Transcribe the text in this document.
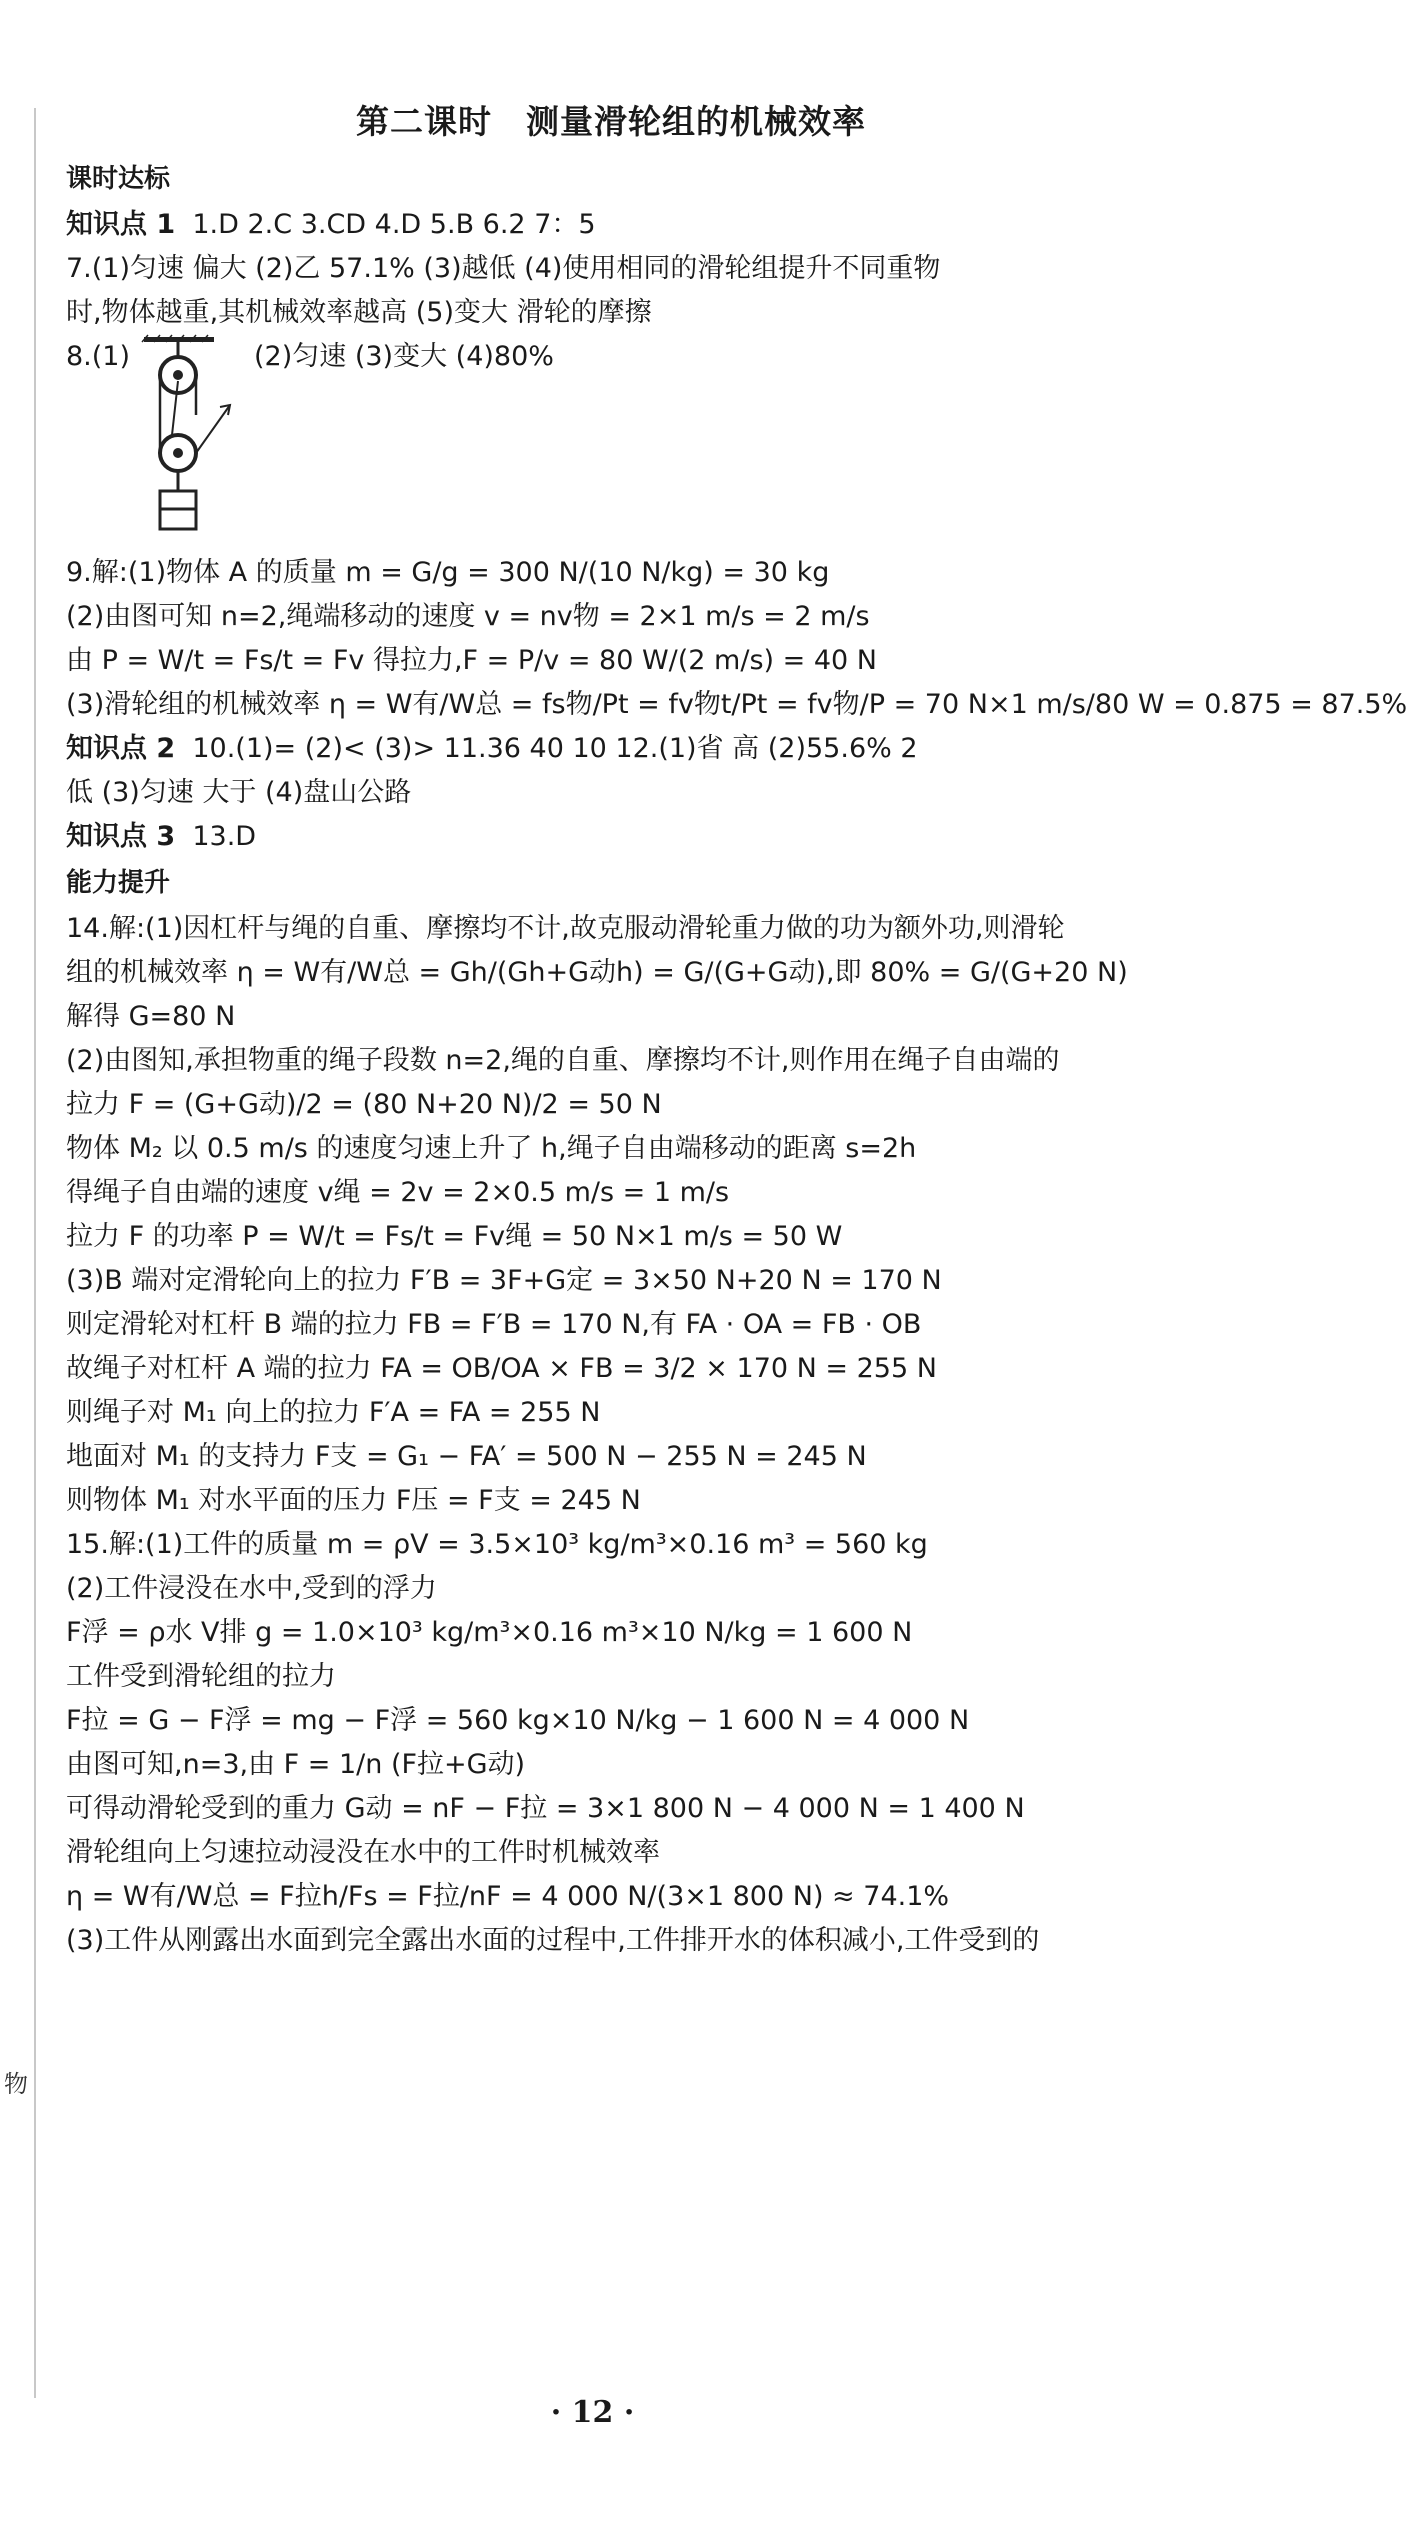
物
第二课时 测量滑轮组的机械效率
课时达标
知识点 1 1.D 2.C 3.CD 4.D 5.B 6.2 7：5
7.(1)匀速 偏大 (2)乙 57.1% (3)越低 (4)使用相同的滑轮组提升不同重物
时,物体越重,其机械效率越高 (5)变大 滑轮的摩擦
8.(1)	(2)匀速 (3)变大 (4)80%
9.解:(1)物体 A 的质量 m = G/g = 300 N/(10 N/kg) = 30 kg
(2)由图可知 n=2,绳端移动的速度 v = nv物 = 2×1 m/s = 2 m/s
由 P = W/t = Fs/t = Fv 得拉力,F = P/v = 80 W/(2 m/s) = 40 N
(3)滑轮组的机械效率 η = W有/W总 = fs物/Pt = fv物t/Pt = fv物/P = 70 N×1 m/s/80 W = 0.875 = 87.5%
知识点 2 10.(1)= (2)< (3)> 11.36 40 10 12.(1)省 高 (2)55.6% 2
低 (3)匀速 大于 (4)盘山公路
知识点 3 13.D
能力提升
14.解:(1)因杠杆与绳的自重、摩擦均不计,故克服动滑轮重力做的功为额外功,则滑轮
组的机械效率 η = W有/W总 = Gh/(Gh+G动h) = G/(G+G动),即 80% = G/(G+20 N)
解得 G=80 N
(2)由图知,承担物重的绳子段数 n=2,绳的自重、摩擦均不计,则作用在绳子自由端的
拉力 F = (G+G动)/2 = (80 N+20 N)/2 = 50 N
物体 M₂ 以 0.5 m/s 的速度匀速上升了 h,绳子自由端移动的距离 s=2h
得绳子自由端的速度 v绳 = 2v = 2×0.5 m/s = 1 m/s
拉力 F 的功率 P = W/t = Fs/t = Fv绳 = 50 N×1 m/s = 50 W
(3)B 端对定滑轮向上的拉力 F′B = 3F+G定 = 3×50 N+20 N = 170 N
则定滑轮对杠杆 B 端的拉力 FB = F′B = 170 N,有 FA · OA = FB · OB
故绳子对杠杆 A 端的拉力 FA = OB/OA × FB = 3/2 × 170 N = 255 N
则绳子对 M₁ 向上的拉力 F′A = FA = 255 N
地面对 M₁ 的支持力 F支 = G₁ − FA′ = 500 N − 255 N = 245 N
则物体 M₁ 对水平面的压力 F压 = F支 = 245 N
15.解:(1)工件的质量 m = ρV = 3.5×10³ kg/m³×0.16 m³ = 560 kg
(2)工件浸没在水中,受到的浮力
F浮 = ρ水 V排 g = 1.0×10³ kg/m³×0.16 m³×10 N/kg = 1 600 N
工件受到滑轮组的拉力
F拉 = G − F浮 = mg − F浮 = 560 kg×10 N/kg − 1 600 N = 4 000 N
由图可知,n=3,由 F = 1/n (F拉+G动)
可得动滑轮受到的重力 G动 = nF − F拉 = 3×1 800 N − 4 000 N = 1 400 N
滑轮组向上匀速拉动浸没在水中的工件时机械效率
η = W有/W总 = F拉h/Fs = F拉/nF = 4 000 N/(3×1 800 N) ≈ 74.1%
(3)工件从刚露出水面到完全露出水面的过程中,工件排开水的体积减小,工件受到的
· 12 ·
